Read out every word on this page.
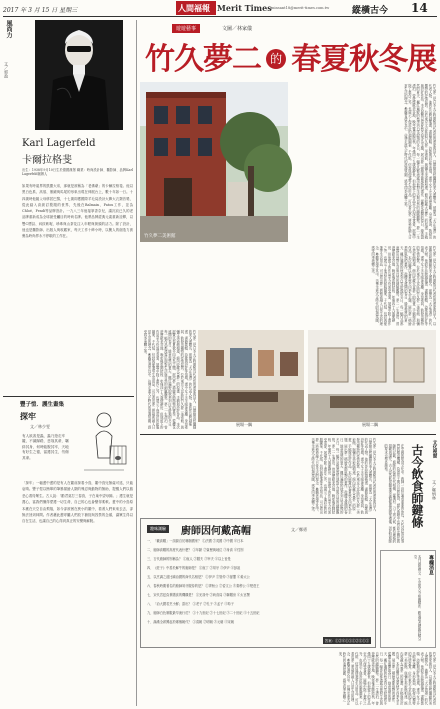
2017 年 3 月 15 日 星期三	人間福報 Merit Times minsant18@merit-times.com.tw	縱橫古今 14
風尚力
文／郭盈
Karl Lagerfeld
卡爾拉格斐
出生：1938年9月10日生於德國漢堡 職業：時尚設計師、攝影師、品牌Karl Lagerfeld創辦人
如果有時裝界的凱撒大帝，那就是被稱為「老佛爺」的卡爾拉格斐。他以黑白色系、高領、墨鏡與馬尾的形象出現在伸展台上，數十年如一日。十四歲時他隨父母移居巴黎，十七歲即獲國際羊毛局設計大賽大衣類首獎，從此踏入高級訂製服的世界，先後在Balmain、Patou工作，並為Chloé、Fendi等品牌設計。一九八三年他接掌香奈兒，讓沉寂已久的老品牌重新成為全球最受矚目的時尚名牌。他將品牌經典元素重新詮釋，以雙C標誌、斜紋軟呢、珍珠與山茶花注入年輕與街頭的活力。除了設計，他也是攝影師、出版人與收藏家，每天工作十餘小時，以驚人的創造力被譽為時尚界永不停歇的工作狂。
豐子愷．護生畫集
探牢
文／林少雯
有人欲害是蟲，蟲乃遊走牢籠，不識歸路，悲哉其命，羈絆其身，何時能脫其牢，天地有好生之德，當護其生，勿傷其命。
「探牢」一幅畫中畫的是有人在籠前探看小鳥，籠中鳥兒無處可逃，只能哀鳴。豐子愷以簡單的筆墨描繪人類的殘忍與動物的無助，提醒人們以慈悲心看待眾生。古人說：「勸君莫打三春鳥，子在巢中望母歸。」護生就是護心，當我們懂得愛護一切生命，自己的心也會變得柔軟。畫中的小鳥原本應在天空自由飛翔，如今卻被困在狹小的籠中，看著人們來來去去，卻無法回到林間。作者藉此畫呼籲人們放下捕捉與囚禁的念頭，讓眾生得以自在生活，也讓自己的心得到真正的安樂與解脫。
遊遊藝事	文圖／林家儀
竹久夢二 的 春夏秋冬展
竹久夢二美術館	竹久夢二是日本大正時期極具代表性的畫家與詩人，以描繪哀愁纖細的美人畫聞名，被譽為「大正浪漫」的代表人物。他的作品跨越插畫、書籍裝幀、詩歌與設計等領域，畫中女子多半眼神迷離、身形柔弱，散發出獨特的抒情氣質。位於東京文京區的竹久夢二美術館，與彌生美術館相連，館內收藏大量夢二的原畫、手稿與設計作品。本次展覽以春夏秋冬四季為主題，展出夢二描繪季節風物的畫作，從櫻花盛開的春日、綠意盎然的夏天、楓紅遍野的秋季到白雪紛飛的冬日，每一幅作品都流露出他對生活與自然的細膩觀察。夢二一生漂泊，曾遊歷歐美各地，晚年罹患肺結核，年僅四十九歲便辭世，但他留下的作品至今仍深受喜愛。展場中除了畫作之外，也展示了他設計的和服圖案、千代紙、信封與便箋等生活用品，可以看出夢二將藝術融入日常生活的理念。參觀者漫步其中，彷彿走進大正時代的浪漫氛圍，感受四季流轉之美。
竹久夢二是日本大正時期極具代表性的畫家與詩人，以描繪哀愁纖細的美人畫聞名，被譽為「大正浪漫」的代表人物。他的作品跨越插畫、書籍裝幀、詩歌與設計等領域，畫中女子多半眼神迷離、身形柔弱，散發出獨特的抒情氣質。位於東京文京區的竹久夢二美術館，與彌生美術館相連，館內收藏大量夢二的原畫、手稿與設計作品。本次展覽以春夏秋冬四季為主題，展出夢二描繪季節風物的畫作，從櫻花盛開的春日、綠意盎然的夏天、楓紅遍野的秋季到白雪紛飛的冬日，每一幅作品都流露出他對生活與自然的細膩觀察。夢二一生漂泊，曾遊歷歐美各地，晚年罹患肺結核，年僅四十九歲便辭世，但他留下的作品至今仍深受喜愛。展場中除了畫作之外，也展示了他設計的和服圖案、千代紙、信封與便箋等生活用品，可以看出夢二將藝術融入日常生活的理念。參觀者漫步其中，彷彿走進大正時代的浪漫氛圍，感受四季流轉之美。
展場一隅	展場二隅
竹久夢二是日本大正時期極具代表性的畫家與詩人，以描繪哀愁纖細的美人畫聞名，被譽為「大正浪漫」的代表人物。他的作品跨越插畫、書籍裝幀、詩歌與設計等領域，畫中女子多半眼神迷離、身形柔弱，散發出獨特的抒情氣質。位於東京文京區的竹久夢二美術館，與彌生美術館相連，館內收藏大量夢二的原畫、手稿與設計作品。本次展覽以春夏秋冬四季為主題，展出夢二描繪季節風物的畫作，從櫻花盛開的春日、綠意盎然的夏天、楓紅遍野的秋季到白雪紛飛的冬日，每一幅作品都流露出他對生活與自然的細膩觀察。夢二一生漂泊，曾遊歷歐美各地，晚年罹患肺結核，年僅四十九歲便辭世，但他留下的作品至今仍深受喜愛。展場中除了畫作之外，也展示了他設計的和服圖案、千代紙、信封與便箋等生活用品，可以看出夢二將藝術融入日常生活的理念。參觀者漫步其中，彷彿走進大正時代的浪漫氛圍，感受四季流轉之美。
竹久夢二是日本大正時期極具代表性的畫家與詩人，以描繪哀愁纖細的美人畫聞名，被譽為「大正浪漫」的代表人物。他的作品跨越插畫、書籍裝幀、詩歌與設計等領域，畫中女子多半眼神迷離、身形柔弱，散發出獨特的抒情氣質。位於東京文京區的竹久夢二美術館，與彌生美術館相連，館內收藏大量夢二的原畫、手稿與設計作品。本次展覽以春夏秋冬四季為主題，展出夢二描繪季節風物的畫作，從櫻花盛開的春日、綠意盎然的夏天、楓紅遍野的秋季到白雪紛飛的冬日，每一幅作品都流露出他對生活與自然的細膩觀察。夢二一生漂泊，曾遊歷歐美各地，晚年罹患肺結核，年僅四十九歲便辭世，但他留下的作品至今仍深受喜愛。展場中除了畫作之外，也展示了他設計的和服圖案、千代紙、信封與便箋等生活用品，可以看出夢二將藝術融入日常生活的理念。參觀者漫步其中，彷彿走進大正時代的浪漫氛圍，感受四季流轉之美。	文化視窗
文／鄭炳林
古今飲食師鍵條
在中國的飲食文化中，廚師一向扮演著重要的角色。古代宮廷設有專門的膳食機構，負責帝王與百官的飲食，歷代典籍中也有許多關於廚師的記載。廚師的技藝代代相傳，從選材、刀工到火候，都有嚴格的規範與講究。古人認為飲食關係著身體健康與國家禮儀，因此對廚師的要求也格外嚴格。
趣味測驗	廚師因何戴高帽	文／鄭勇
一、「戴高帽」一詞源自於哪個國家？ ①法國 ②英國 ③中國 ④日本
二、廚師高帽的高度代表什麼？ ①年齡 ②資歷與地位 ③身高 ④性別
三、古代廚師的別稱為？ ①庖人 ②膳夫 ③宰夫 ④以上皆是
四、《莊子》中善於解牛的廚師是？ ①庖丁 ②易牙 ③伊尹 ④彭祖
五、以烹調之道比喻治國的商代名相是？ ①伊尹 ②管仲 ③晏嬰 ④姜太公
六、春秋時期著名的廚師易牙服侍的是？ ①齊桓公 ②晉文公 ③秦穆公 ④楚莊王
七、宋代宮廷負責膳食的機構是？ ①光祿寺 ②尚食局 ③御膳房 ④太官署
八、「治大國若烹小鮮」語出？ ①老子 ②孔子 ③孟子 ④荀子
九、廚師白色制服最早流行於？ ①十九世紀 ②十七世紀 ③二十世紀 ④十五世紀
十、滿漢全席興起於哪個朝代？ ①清朝 ②明朝 ③元朝 ④宋朝
答案：①②④①①①②①①①
專欄消息
本刊誠徵藝文、生活與古今相關稿件，歡迎讀者踴躍投稿分享。
竹久夢二是日本大正時期極具代表性的畫家與詩人，以描繪哀愁纖細的美人畫聞名，被譽為「大正浪漫」的代表人物。他的作品跨越插畫、書籍裝幀、詩歌與設計等領域，畫中女子多半眼神迷離、身形柔弱，散發出獨特的抒情氣質。位於東京文京區的竹久夢二美術館，與彌生美術館相連，館內收藏大量夢二的原畫、手稿與設計作品。本次展覽以春夏秋冬四季為主題，展出夢二描繪季節風物的畫作，從櫻花盛開的春日、綠意盎然的夏天、楓紅遍野的秋季到白雪紛飛的冬日，每一幅作品都流露出他對生活與自然的細膩觀察。夢二一生漂泊，曾遊歷歐美各地，晚年罹患肺結核，年僅四十九歲便辭世，但他留下的作品至今仍深受喜愛。展場中除了畫作之外，也展示了他設計的和服圖案、千代紙、信封與便箋等生活用品，可以看出夢二將藝術融入日常生活的理念。參觀者漫步其中，彷彿走進大正時代的浪漫氛圍，感受四季流轉之美。
